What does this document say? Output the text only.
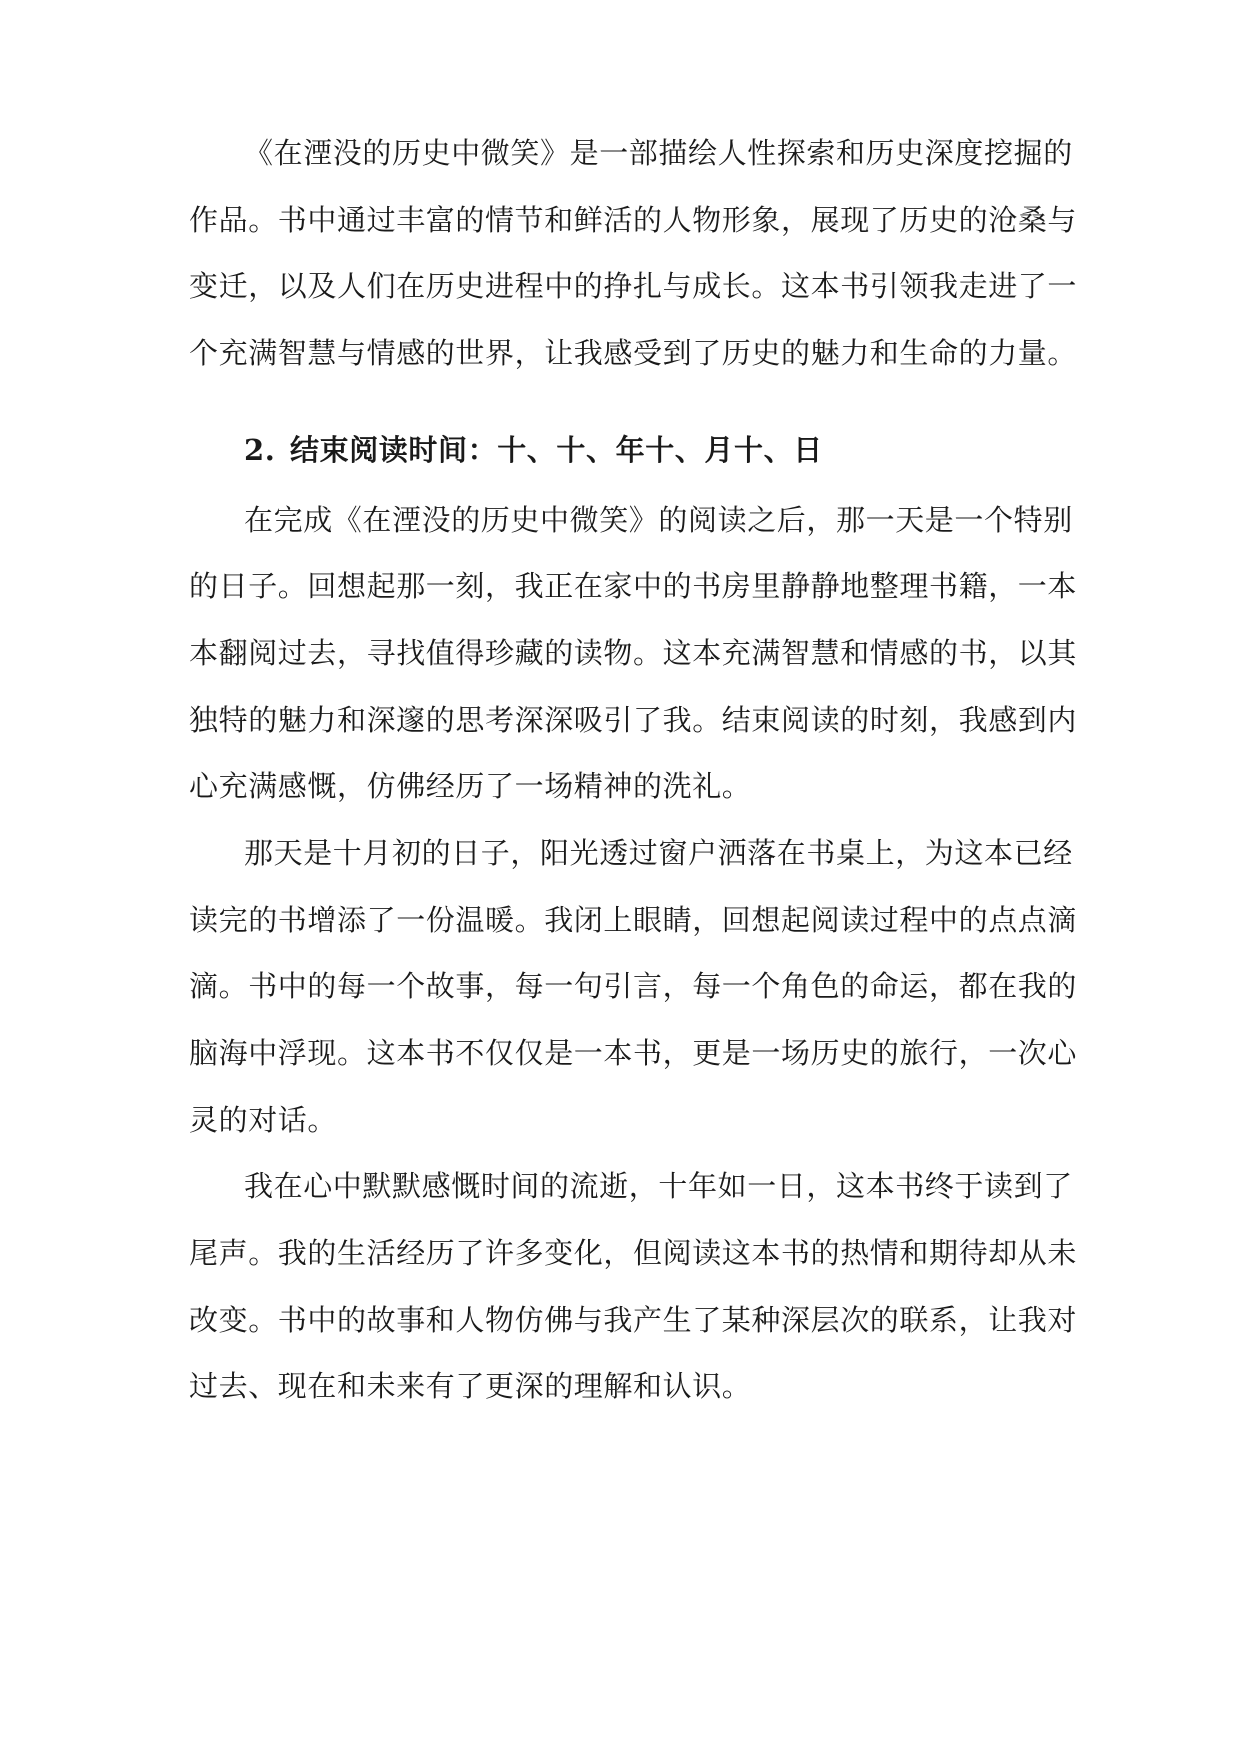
《在湮没的历史中微笑》是一部描绘人性探索和历史深度挖掘的
作品。书中通过丰富的情节和鲜活的人物形象，展现了历史的沧桑与
变迁，以及人们在历史进程中的挣扎与成长。这本书引领我走进了一
个充满智慧与情感的世界，让我感受到了历史的魅力和生命的力量。
2. 结束阅读时间：十、十、年十、月十、日
在完成《在湮没的历史中微笑》的阅读之后，那一天是一个特别
的日子。回想起那一刻，我正在家中的书房里静静地整理书籍，一本
本翻阅过去，寻找值得珍藏的读物。这本充满智慧和情感的书，以其
独特的魅力和深邃的思考深深吸引了我。结束阅读的时刻，我感到内
心充满感慨，仿佛经历了一场精神的洗礼。
那天是十月初的日子，阳光透过窗户洒落在书桌上，为这本已经
读完的书增添了一份温暖。我闭上眼睛，回想起阅读过程中的点点滴
滴。书中的每一个故事，每一句引言，每一个角色的命运，都在我的
脑海中浮现。这本书不仅仅是一本书，更是一场历史的旅行，一次心
灵的对话。
我在心中默默感慨时间的流逝，十年如一日，这本书终于读到了
尾声。我的生活经历了许多变化，但阅读这本书的热情和期待却从未
改变。书中的故事和人物仿佛与我产生了某种深层次的联系，让我对
过去、现在和未来有了更深的理解和认识。
